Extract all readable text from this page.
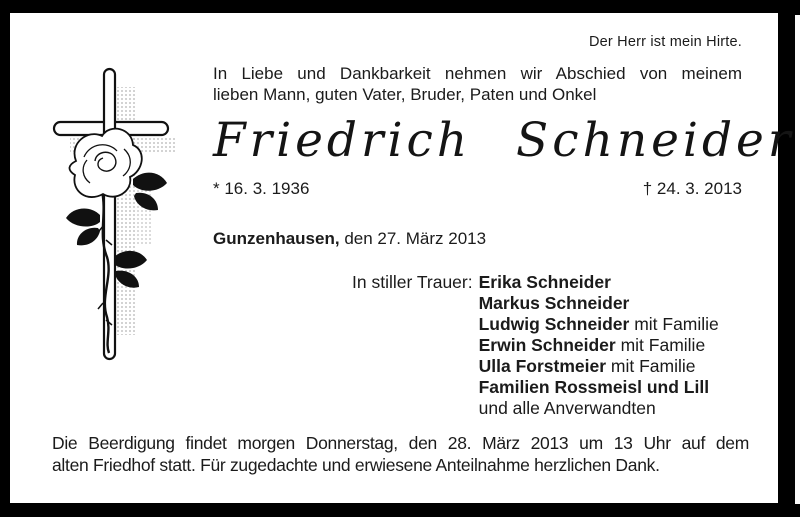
Der Herr ist mein Hirte.
In Liebe und Dankbarkeit nehmen wir Abschied von meinem
lieben Mann, guten Vater, Bruder, Paten und Onkel
Friedrich Schneider
* 16. 3. 1936	† 24. 3. 2013
Gunzenhausen, den 27. März 2013
In stiller Trauer: Erika Schneider
Markus Schneider
Ludwig Schneider mit Familie
Erwin Schneider mit Familie
Ulla Forstmeier mit Familie
Familien Rossmeisl und Lill
und alle Anverwandten
Die Beerdigung findet morgen Donnerstag, den 28. März 2013 um 13 Uhr auf dem
alten Friedhof statt. Für zugedachte und erwiesene Anteilnahme herzlichen Dank.
